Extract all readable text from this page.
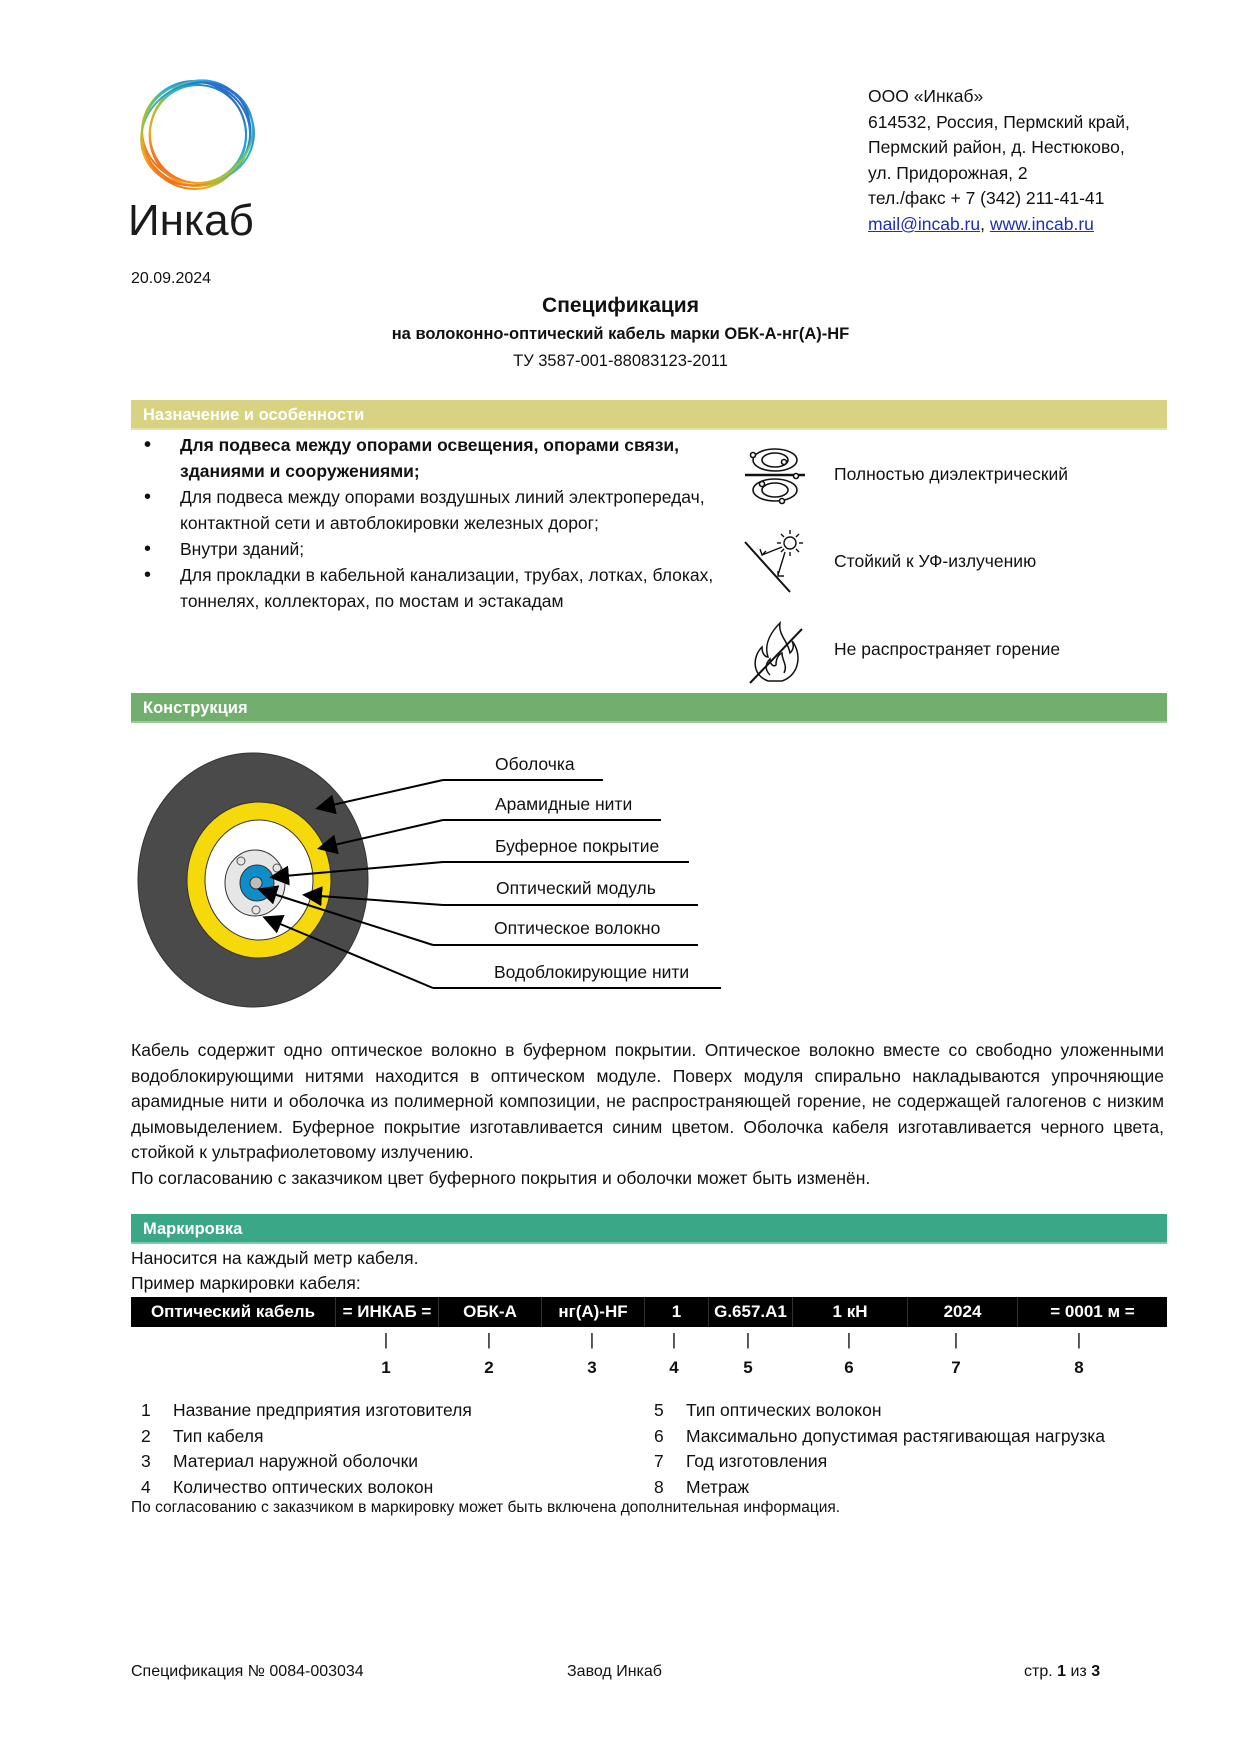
Инкаб
ООО «Инкаб»
614532, Россия, Пермский край,
Пермский район, д. Нестюково,
ул. Придорожная, 2
тел./факс + 7 (342) 211-41-41
mail@incab.ru, www.incab.ru
20.09.2024
Спецификация
на волоконно-оптический кабель марки ОБК-А-нг(А)-HF
ТУ 3587-001-88083123-2011
Назначение и особенности
• Для подвеса между опорами освещения, опорами связи, зданиями и сооружениями;
• Для подвеса между опорами воздушных линий электропередач, контактной сети и автоблокировки железных дорог;
• Внутри зданий;
• Для прокладки в кабельной канализации, трубах, лотках, блоках, тоннелях, коллекторах, по мостам и эстакадам
Полностью диэлектрический
Стойкий к УФ-излучению
Не распространяет горение
Конструкция
Оболочка
Арамидные нити
Буферное покрытие
Оптический модуль
Оптическое волокно
Водоблокирующие нити

Кабель содержит одно оптическое волокно в буферном покрытии. Оптическое волокно вместе со свободно уложенными водоблокирующими нитями находится в оптическом модуле. Поверх модуля спирально накладываются упрочняющие арамидные нити и оболочка из полимерной композиции, не распространяющей горение, не содержащей галогенов с низким дымовыделением. Буферное покрытие изготавливается синим цветом. Оболочка кабеля изготавливается черного цвета, стойкой к ультрафиолетовому излучению.

По согласованию с заказчиком цвет буферного покрытия и оболочки может быть изменён.

Маркировка
Наносится на каждый метр кабеля.
Пример маркировки кабеля:
Оптический кабель	= ИНКАБ =	ОБК-А	нг(А)-HF	1	G.657.A1	1 кН	2024	= 0001 м =
|
1
|
2
|
3
|
4
|
5
|
6
|
7
|
8
1	Название предприятия изготовителя
2	Тип кабеля
3	Материал наружной оболочки
4	Количество оптических волокон
5	Тип оптических волокон
6	Максимально допустимая растягивающая нагрузка
7	Год изготовления
8	Метраж
По согласованию с заказчиком в маркировку может быть включена дополнительная информация.
Спецификация № 0084-003034	Завод Инкаб	стр. 1 из 3
